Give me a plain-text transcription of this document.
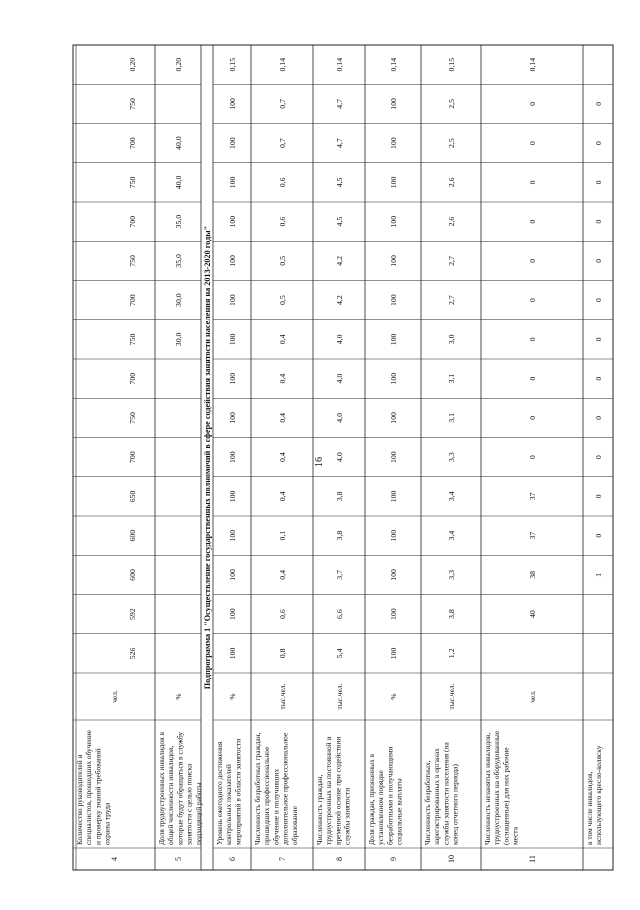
Подпрограмма 1 "Осуществление государственных полномочий в сфере содействия занятости населения на 2013-2020 годы"
4
Количество руководителей и специалистов, прошедших обучение и проверку знаний требований охраны труда
чел.
526
592
600
600
650
700
750
700
750
700
750
700
750
700
750
0,20
5
Доля трудоустроенных инвалидов в общей численности инвалидов, которые будут обращаться в службу занятости с целью поиска подходящей работы
%
30,0
30,0
35,0
35,0
40,0
40,0
0,20
6
Уровень ежегодного достижения контрольных показателей мероприятий в области занятости
%
100
100
100
100
100
100
100
100
100
100
100
100
100
100
100
0,15
7
Численность безработных граждан, прошедших профессиональное обучение и получивших дополнительное профессиональное образование
тыс.чел.
0,8
0,6
0,4
0,1
0,4
0,4
0,4
0,4
0,4
0,5
0,5
0,6
0,6
0,7
0,7
0,14
8
Численность граждан, трудоустроенных на постоянной и временной основе при содействии службы занятости
тыс.чел.
5,4
6,6
3,7
3,8
3,8
4,0
4,0
4,0
4,0
4,2
4,2
4,5
4,5
4,7
4,7
0,14
9
Доля граждан, признанных в установленном порядке безработными и получающими социальные выплаты
%
100
100
100
100
100
100
100
100
100
100
100
100
100
100
100
0,14
10
Численность безработных, зарегистрированных в органах службы занятости населения (на конец отчетного периода)
тыс.чел.
1,2
3,8
3,3
3,4
3,4
3,3
3,1
3,1
3,0
2,7
2,7
2,6
2,6
2,5
2,5
0,15
11
Численность незанятых инвалидов, трудоустроенных на оборудованные (оснащенные) для них рабочие места
чел.
40
38
37
37
0
0
0
0
0
0
0
0
0
0
0,14
в том числе инвалидов, использующего кресло-коляску
1
0
0
0
0
0
0
0
0
0
0
0
0
16
